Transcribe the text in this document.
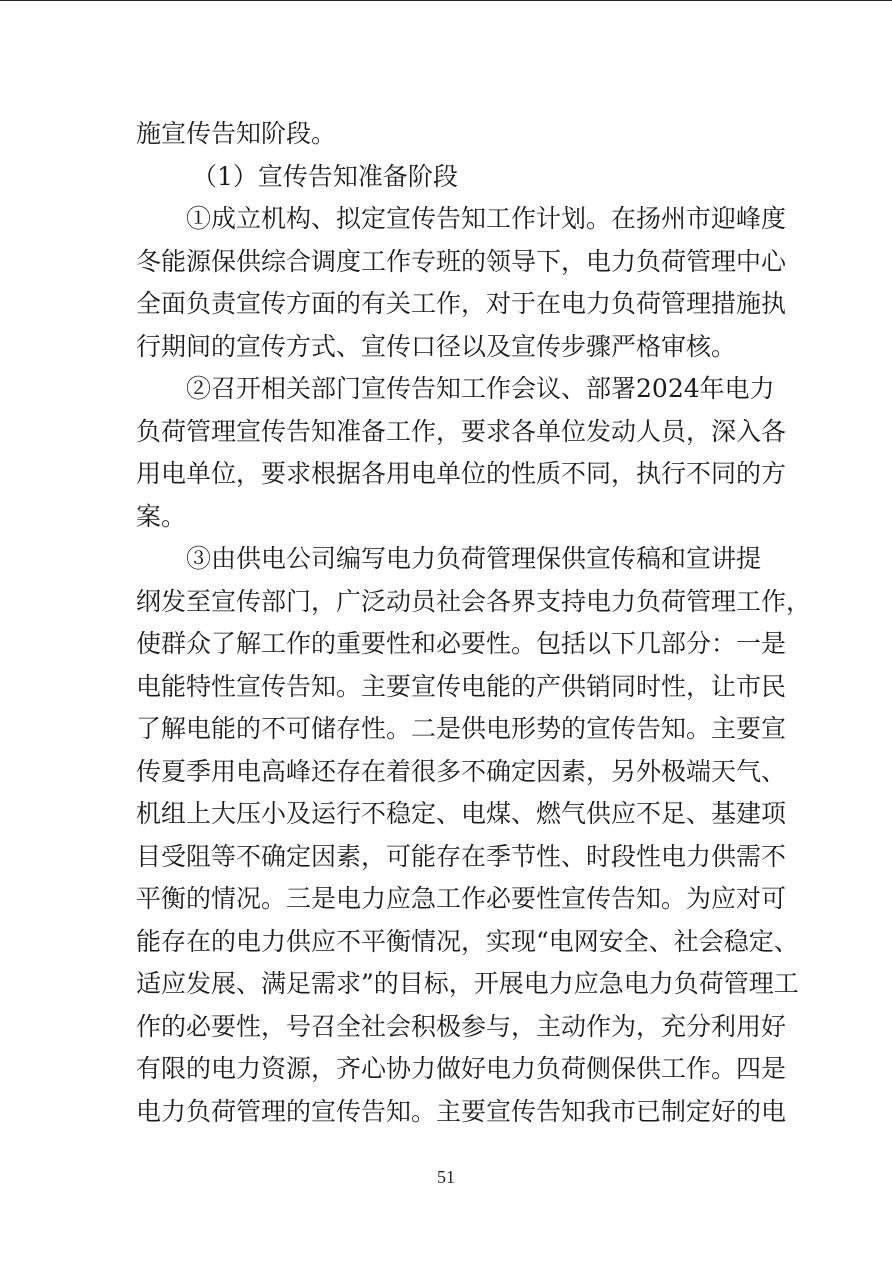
施宣传告知阶段。
（1）宣传告知准备阶段
①成立机构、拟定宣传告知工作计划。在扬州市迎峰度
冬能源保供综合调度工作专班的领导下，电力负荷管理中心
全面负责宣传方面的有关工作，对于在电力负荷管理措施执
行期间的宣传方式、宣传口径以及宣传步骤严格审核。
②召开相关部门宣传告知工作会议、部署2024年电力
负荷管理宣传告知准备工作，要求各单位发动人员，深入各
用电单位，要求根据各用电单位的性质不同，执行不同的方
案。
③由供电公司编写电力负荷管理保供宣传稿和宣讲提
纲发至宣传部门，广泛动员社会各界支持电力负荷管理工作，
使群众了解工作的重要性和必要性。包括以下几部分：一是
电能特性宣传告知。主要宣传电能的产供销同时性，让市民
了解电能的不可储存性。二是供电形势的宣传告知。主要宣
传夏季用电高峰还存在着很多不确定因素，另外极端天气、
机组上大压小及运行不稳定、电煤、燃气供应不足、基建项
目受阻等不确定因素，可能存在季节性、时段性电力供需不
平衡的情况。三是电力应急工作必要性宣传告知。为应对可
能存在的电力供应不平衡情况，实现“电网安全、社会稳定、
适应发展、满足需求”的目标，开展电力应急电力负荷管理工
作的必要性，号召全社会积极参与，主动作为，充分利用好
有限的电力资源，齐心协力做好电力负荷侧保供工作。四是
电力负荷管理的宣传告知。主要宣传告知我市已制定好的电
51
